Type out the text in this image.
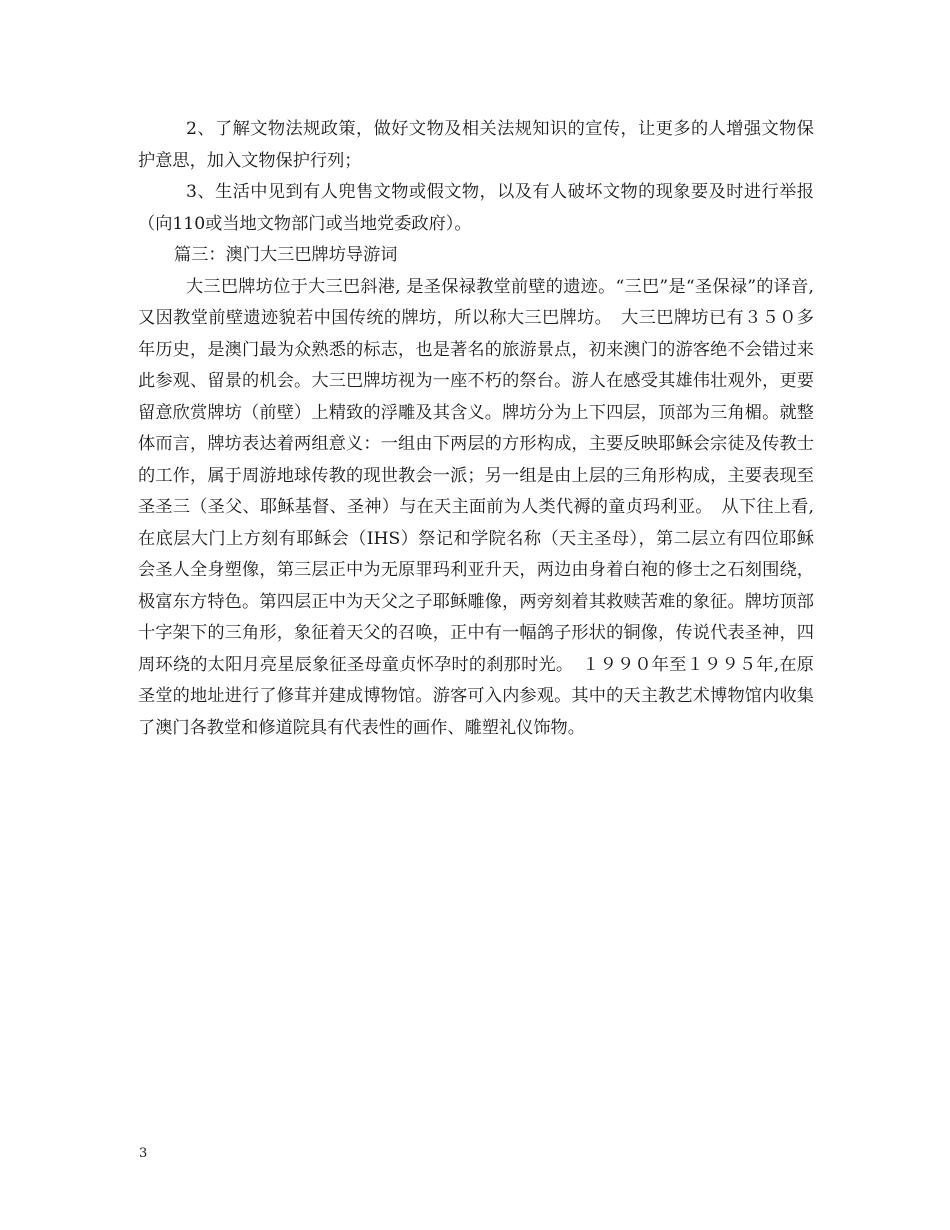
2、了解文物法规政策，做好文物及相关法规知识的宣传，让更多的人增强文物保护意思，加入文物保护行列；

3、生活中见到有人兜售文物或假文物，以及有人破坏文物的现象要及时进行举报（向110或当地文物部门或当地党委政府）。

篇三：澳门大三巴牌坊导游词

大三巴牌坊位于大三巴斜港, 是圣保禄教堂前壁的遗迹。“三巴”是“圣保禄”的译音, 又因教堂前壁遗迹貌若中国传统的牌坊，所以称大三巴牌坊。　大三巴牌坊已有３５０多年历史，是澳门最为众熟悉的标志，也是著名的旅游景点，初来澳门的游客绝不会错过来此参观、留景的机会。大三巴牌坊视为一座不朽的祭台。游人在感受其雄伟壮观外，更要留意欣赏牌坊（前壁）上精致的浮雕及其含义。牌坊分为上下四层，顶部为三角楣。就整体而言，牌坊表达着两组意义：一组由下两层的方形构成，主要反映耶稣会宗徒及传教士的工作，属于周游地球传教的现世教会一派；另一组是由上层的三角形构成，主要表现至圣圣三（圣父、耶稣基督、圣神）与在天主面前为人类代褥的童贞玛利亚。　从下往上看,在底层大门上方刻有耶稣会（IHS）祭记和学院名称（天主圣母），第二层立有四位耶稣会圣人全身塑像，第三层正中为无原罪玛利亚升天，两边由身着白袍的修士之石刻围绕，极富东方特色。第四层正中为天父之子耶稣雕像，两旁刻着其救赎苦难的象征。牌坊顶部十字架下的三角形，象征着天父的召唤，正中有一幅鸽子形状的铜像，传说代表圣神，四周环绕的太阳月亮星辰象征圣母童贞怀孕时的刹那时光。　１９９０年至１９９５年,在原圣堂的地址进行了修茸并建成博物馆。游客可入内参观。其中的天主教艺术博物馆内收集了澳门各教堂和修道院具有代表性的画作、雕塑礼仪饰物。

3
